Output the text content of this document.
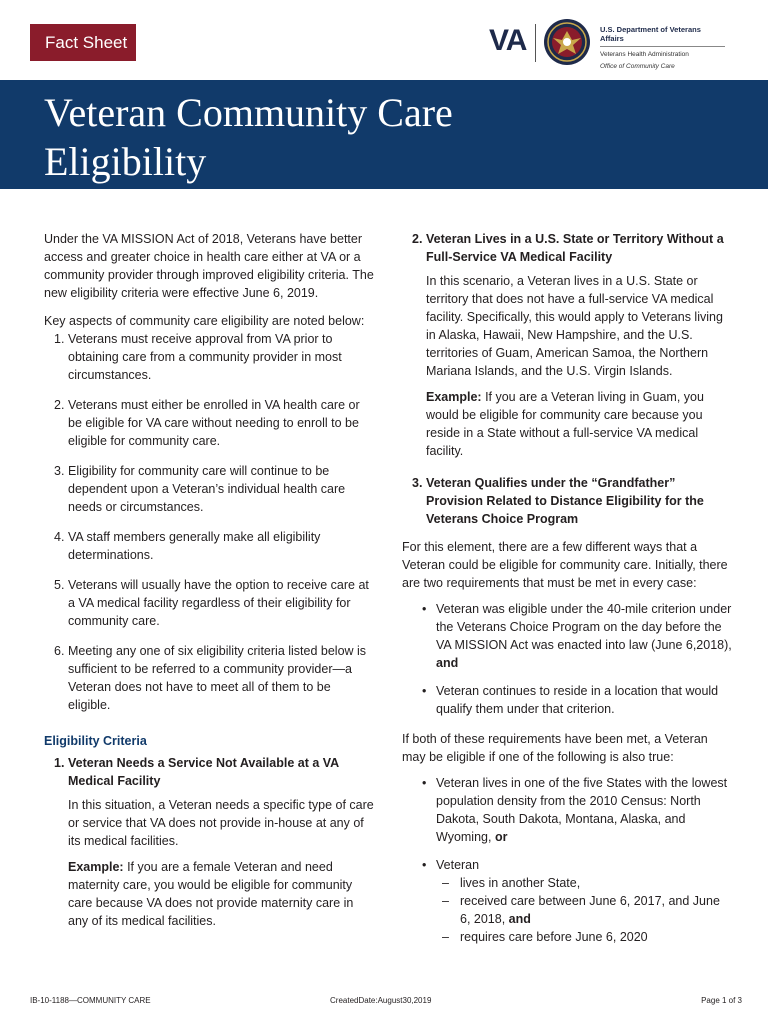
Fact Sheet	VA	U.S. Department of Veterans Affairs
Veterans Health Administration
Office of Community Care
Veteran Community Care
Eligibility

Under the VA MISSION Act of 2018, Veterans have better access and greater choice in health care either at VA or a community provider through improved eligibility criteria. The new eligibility criteria were effective June 6, 2019.

Key aspects of community care eligibility are noted below:

1. Veterans must receive approval from VA prior to obtaining care from a community provider in most circumstances.
2. Veterans must either be enrolled in VA health care or be eligible for VA care without needing to enroll to be eligible for community care.
3. Eligibility for community care will continue to be dependent upon a Veteran’s individual health care needs or circumstances.
4. VA staff members generally make all eligibility determinations.
5. Veterans will usually have the option to receive care at a VA medical facility regardless of their eligibility for community care.
6. Meeting any one of six eligibility criteria listed below is sufficient to be referred to a community provider—a Veteran does not have to meet all of them to be eligible.
Eligibility Criteria
1. Veteran Needs a Service Not Available at a VA Medical Facility

In this situation, a Veteran needs a specific type of care or service that VA does not provide in-house at any of its medical facilities.

Example: If you are a female Veteran and need maternity care, you would be eligible for community care because VA does not provide maternity care in any of its medical facilities.

2. Veteran Lives in a U.S. State or Territory Without a Full-Service VA Medical Facility

In this scenario, a Veteran lives in a U.S. State or territory that does not have a full-service VA medical facility. Specifically, this would apply to Veterans living in Alaska, Hawaii, New Hampshire, and the U.S. territories of Guam, American Samoa, the Northern Mariana Islands, and the U.S. Virgin Islands.

Example: If you are a Veteran living in Guam, you would be eligible for community care because you reside in a State without a full-service VA medical facility.

3. Veteran Qualifies under the “Grandfather” Provision Related to Distance Eligibility for the Veterans Choice Program

For this element, there are a few different ways that a Veteran could be eligible for community care. Initially, there are two requirements that must be met in every case:

• Veteran was eligible under the 40-mile criterion under the Veterans Choice Program on the day before the VA MISSION Act was enacted into law (June 6,2018), and
• Veteran continues to reside in a location that would qualify them under that criterion.

If both of these requirements have been met, a Veteran may be eligible if one of the following is also true:

• Veteran lives in one of the five States with the lowest population density from the 2010 Census: North Dakota, South Dakota, Montana, Alaska, and Wyoming, or
• Veteran
– lives in another State,
– received care between June 6, 2017, and June 6, 2018, and
– requires care before June 6, 2020
IB-10-1188—COMMUNITY CARE	CreatedDate:August30,2019	Page 1 of 3
